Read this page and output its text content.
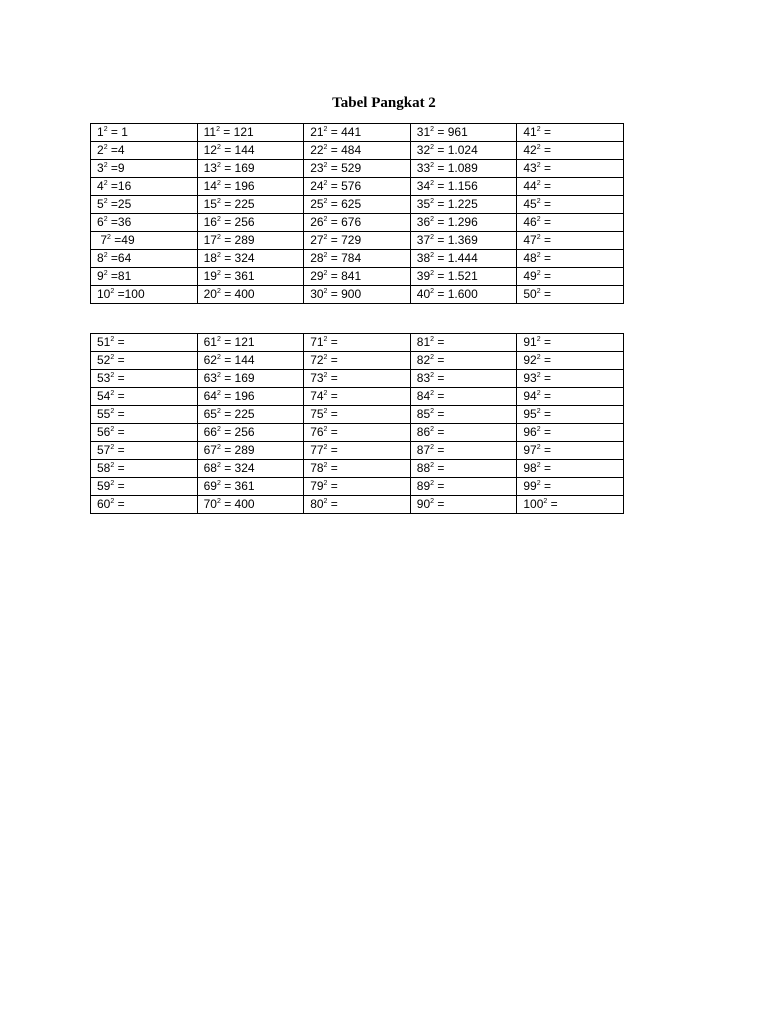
Tabel Pangkat 2
$1^2 = 1$	$11^2 = 121$	$21^2 = 441$	$31^2 = 961$	$41^2$ =
$2^2 =4$	$12^2 = 144$	$22^2 = 484$	$32^2 = 1.024$	$42^2$ =
$3^2 =9$	$13^2 = 169$	$23^2 = 529$	$33^2 = 1.089$	$43^2$ =
$4^2 =16$	$14^2 = 196$	$24^2 = 576$	$34^2 = 1.156$	$44^2$ =
$5^2 =25$	$15^2 = 225$	$25^2 = 625$	$35^2 = 1.225$	$45^2$ =
$6^2 =36$	$16^2 = 256$	$26^2 = 676$	$36^2 = 1.296$	$46^2$ =
$7^2 =49$	$17^2 = 289$	$27^2 = 729$	$37^2 = 1.369$	$47^2$ =
$8^2 =64$	$18^2 = 324$	$28^2 = 784$	$38^2 = 1.444$	$48^2$ =
$9^2 =81$	$19^2 = 361$	$29^2 = 841$	$39^2 = 1.521$	$49^2$ =
$10^2 =100$	$20^2 = 400$	$30^2 = 900$	$40^2 = 1.600$	$50^2$ =
$51^2$ =	$61^2 = 121$	$71^2$ =	$81^2$ =	$91^2$ =
$52^2$ =	$62^2 = 144$	$72^2$ =	$82^2$ =	$92^2$ =
$53^2$ =	$63^2 = 169$	$73^2$ =	$83^2$ =	$93^2$ =
$54^2$ =	$64^2 = 196$	$74^2$ =	$84^2$ =	$94^2$ =
$55^2$ =	$65^2 = 225$	$75^2$ =	$85^2$ =	$95^2$ =
$56^2$ =	$66^2 = 256$	$76^2$ =	$86^2$ =	$96^2$ =
$57^2$ =	$67^2 = 289$	$77^2$ =	$87^2$ =	$97^2$ =
$58^2$ =	$68^2 = 324$	$78^2$ =	$88^2$ =	$98^2$ =
$59^2$ =	$69^2 = 361$	$79^2$ =	$89^2$ =	$99^2$ =
$60^2$ =	$70^2 = 400$	$80^2$ =	$90^2$ =	$100^2$ =
